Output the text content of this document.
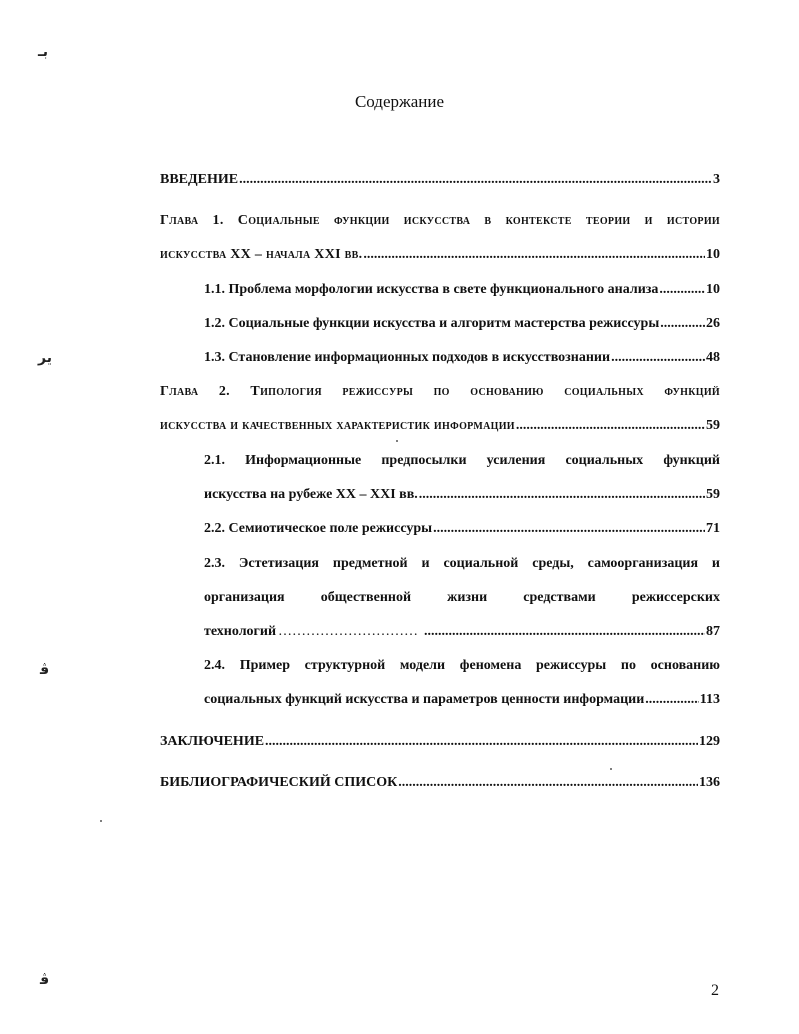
بـ
ير
ﭬ
ﭬ
Содержание
ВВЕДЕНИЕ .....	3
Глава 1. Социальные функции искусства в контексте теории и истории
искусства XX – начала XXI вв. .....	10
1.1. Проблема морфологии искусства в свете функционального анализа .....	10
1.2. Социальные функции искусства и алгоритм мастерства режиссуры .....	26
1.3. Становление информационных подходов в искусствознании .....	48
Глава 2. Типология режиссуры по основанию социальных функций
искусства и качественных характеристик информации .....	59
2.1. Информационные предпосылки усиления социальных функций
искусства на рубеже XX – XXI вв. .....	59
2.2. Семиотическое поле режиссуры .....	71
2.3. Эстетизация предметной и социальной среды, самоорганизация и
организация общественной жизни средствами режиссерских
технологий ………………………… .....	87
2.4. Пример структурной модели феномена режиссуры по основанию
социальных функций искусства и параметров ценности информации .....	113
ЗАКЛЮЧЕНИЕ .....	129
БИБЛИОГРАФИЧЕСКИЙ СПИСОК .....	136
2
